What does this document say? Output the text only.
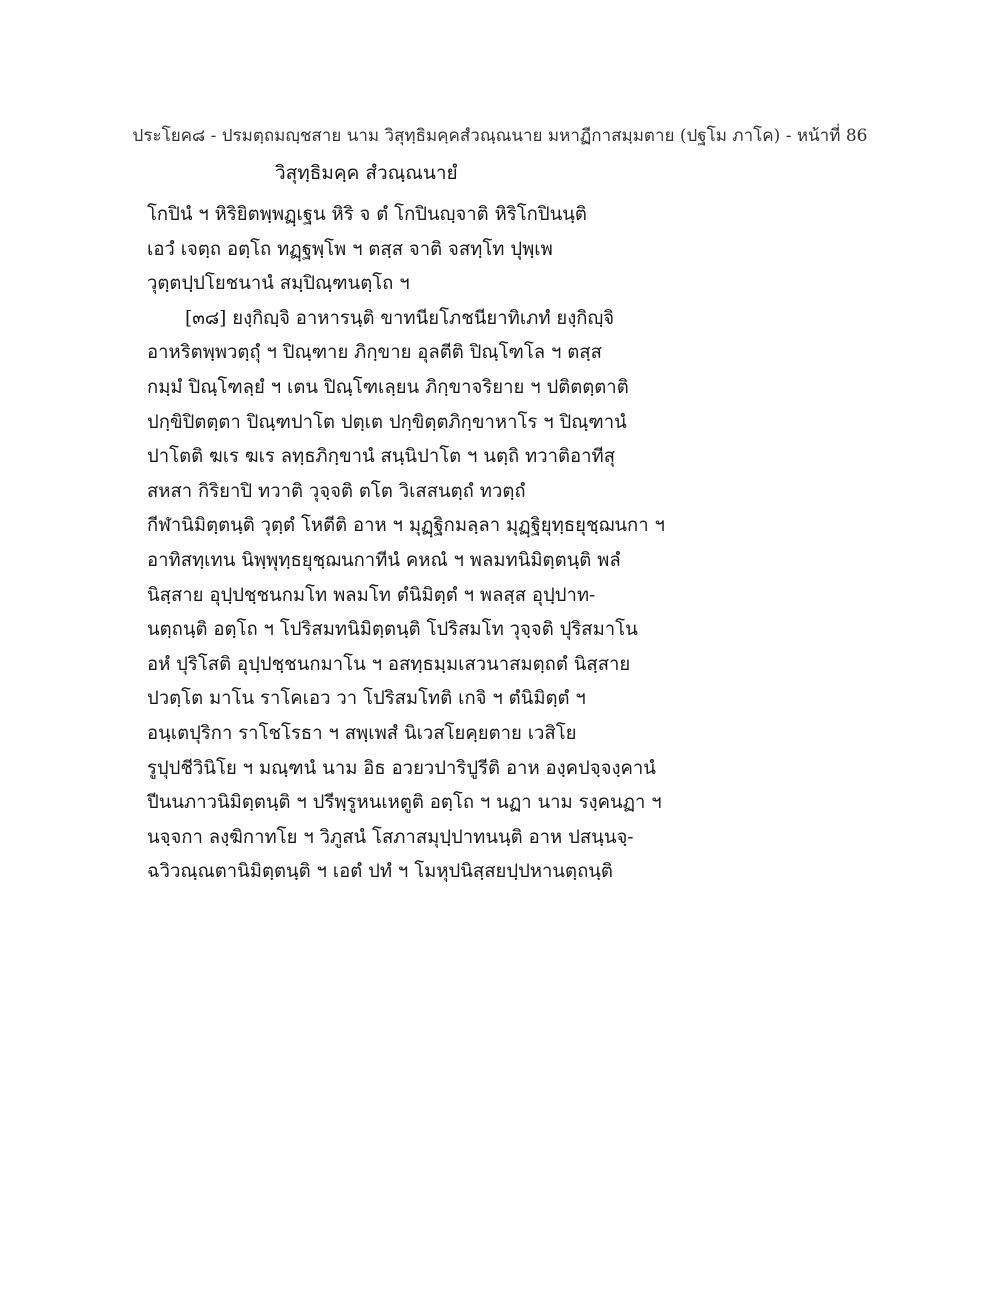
ประโยค๘ - ปรมตฺถมญฺชสาย นาม วิสุทฺธิมคฺคสํวณฺณนาย มหาฏีกาสมฺมตาย (ปฐโม ภาโค) - หน้าที่ 86
วิสุทฺธิมคฺค สํวณฺณนายํ
โกปินํ ฯ หิริยิตพฺพฏฺเฐน หิริ จ ตํ โกปินญฺจาติ หิริโกปินนฺติ
เอวํ เจตฺถ อตฺโถ ทฏฺฐพฺโพ ฯ ตสฺส จาติ จสทฺโท ปุพฺเพ
วุตฺตปฺปโยชนานํ สมฺปิณฺฑนตฺโถ ฯ
[๓๘] ยงฺกิญฺจิ อาหารนฺติ ขาทนียโภชนียาทิเภทํ ยงฺกิญฺจิ
อาหริตพฺพวตฺถุํ ฯ ปิณฺฑาย ภิกฺขาย อุลตีติ ปิณฺโฑโล ฯ ตสฺส
กมฺมํ ปิณฺโฑลฺยํ ฯ เตน ปิณฺโฑเลฺยน ภิกฺขาจริยาย ฯ ปติตตฺตาติ
ปกฺขิปิตตฺตา ปิณฺฑปาโต ปตฺเต ปกฺขิตฺตภิกฺขาหาโร ฯ ปิณฺฑานํ
ปาโตติ ฆเร ฆเร ลทฺธภิกฺขานํ สนฺนิปาโต ฯ นตฺถิ ทวาติอาทีสุ
สหสา กิริยาปิ ทวาติ วุจฺจติ ตโต วิเสสนตฺถํ ทวตฺถํ
กีฬานิมิตฺตนฺติ วุตฺตํ โหตีติ อาห ฯ มุฏฺฐิกมลฺลา มุฏฺฐิยุทฺธยุชฺฌนกา ฯ
อาทิสทฺเทน นิพฺพุทฺธยุชฺฌนกาทีนํ คหณํ ฯ พลมทนิมิตฺตนฺติ พลํ
นิสฺสาย อุปฺปชฺชนกมโท พลมโท ตํนิมิตฺตํ ฯ พลสฺส อุปฺปาท-
นตฺถนฺติ อตฺโถ ฯ โปริสมทนิมิตฺตนฺติ โปริสมโท วุจฺจติ ปุริสมาโน
อหํ ปุริโสติ อุปฺปชฺชนกมาโน ฯ อสทฺธมฺมเสวนาสมตฺถตํ นิสฺสาย
ปวตฺโต มาโน ราโคเอว วา โปริสมโทติ เกจิ ฯ ตํนิมิตฺตํ ฯ
อนฺเตปุริกา ราโชโรธา ฯ สพฺเพสํ นิเวสโยคฺยตาย เวสิโย
รูปุปชีวินิโย ฯ มณฺฑนํ นาม อิธ อวยวปาริปูรีติ อาห องฺคปจฺจงฺคานํ
ปีนนภาวนิมิตฺตนฺติ ฯ ปรีพฺรูหนเหตูติ อตฺโถ ฯ นฏา นาม รงฺคนฏา ฯ
นจฺจกา ลงฺฆิกาทโย ฯ วิภูสนํ โสภาสมุปฺปาทนนฺติ อาห ปสนฺนจฺ-
ฉวิวณฺณตานิมิตฺตนฺติ ฯ เอตํ ปทํ ฯ โมหุปนิสฺสยปฺปหานตฺถนฺติ
